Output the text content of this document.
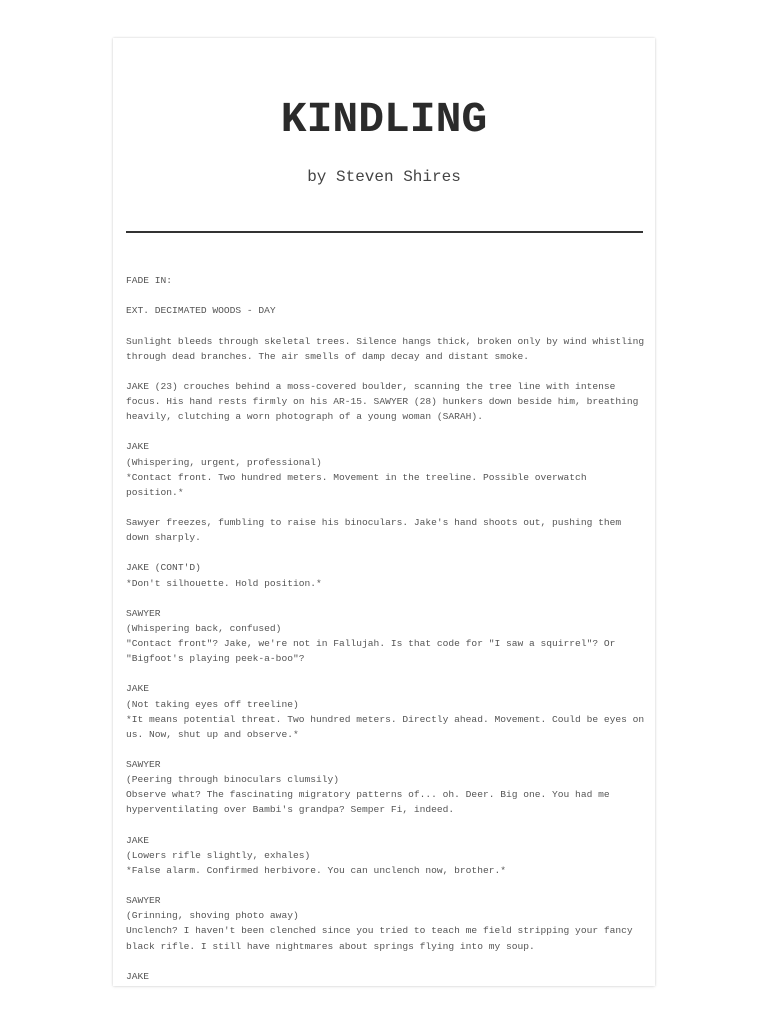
KINDLING
by Steven Shires

FADE IN:

EXT. DECIMATED WOODS - DAY

Sunlight bleeds through skeletal trees. Silence hangs thick, broken only by wind whistling through dead branches. The air smells of damp decay and distant smoke.

JAKE (23) crouches behind a moss-covered boulder, scanning the tree line with intense focus. His hand rests firmly on his AR-15. SAWYER (28) hunkers down beside him, breathing heavily, clutching a worn photograph of a young woman (SARAH).

JAKE
(Whispering, urgent, professional)
*Contact front. Two hundred meters. Movement in the treeline. Possible overwatch position.*

Sawyer freezes, fumbling to raise his binoculars. Jake's hand shoots out, pushing them down sharply.

JAKE (CONT'D)
*Don't silhouette. Hold position.*
SAWYER
(Whispering back, confused)
"Contact front"? Jake, we're not in Fallujah. Is that code for "I saw a squirrel"? Or "Bigfoot's playing peek-a-boo"?
JAKE
(Not taking eyes off treeline)
*It means potential threat. Two hundred meters. Directly ahead. Movement. Could be eyes on us. Now, shut up and observe.*
SAWYER
(Peering through binoculars clumsily)
Observe what? The fascinating migratory patterns of... oh. Deer. Big one. You had me hyperventilating over Bambi's grandpa? Semper Fi, indeed.
JAKE
(Lowers rifle slightly, exhales)
*False alarm. Confirmed herbivore. You can unclench now, brother.*
SAWYER
(Grinning, shoving photo away)
Unclench? I haven't been clenched since you tried to teach me field stripping your fancy black rifle. I still have nightmares about springs flying into my soup.
JAKE
